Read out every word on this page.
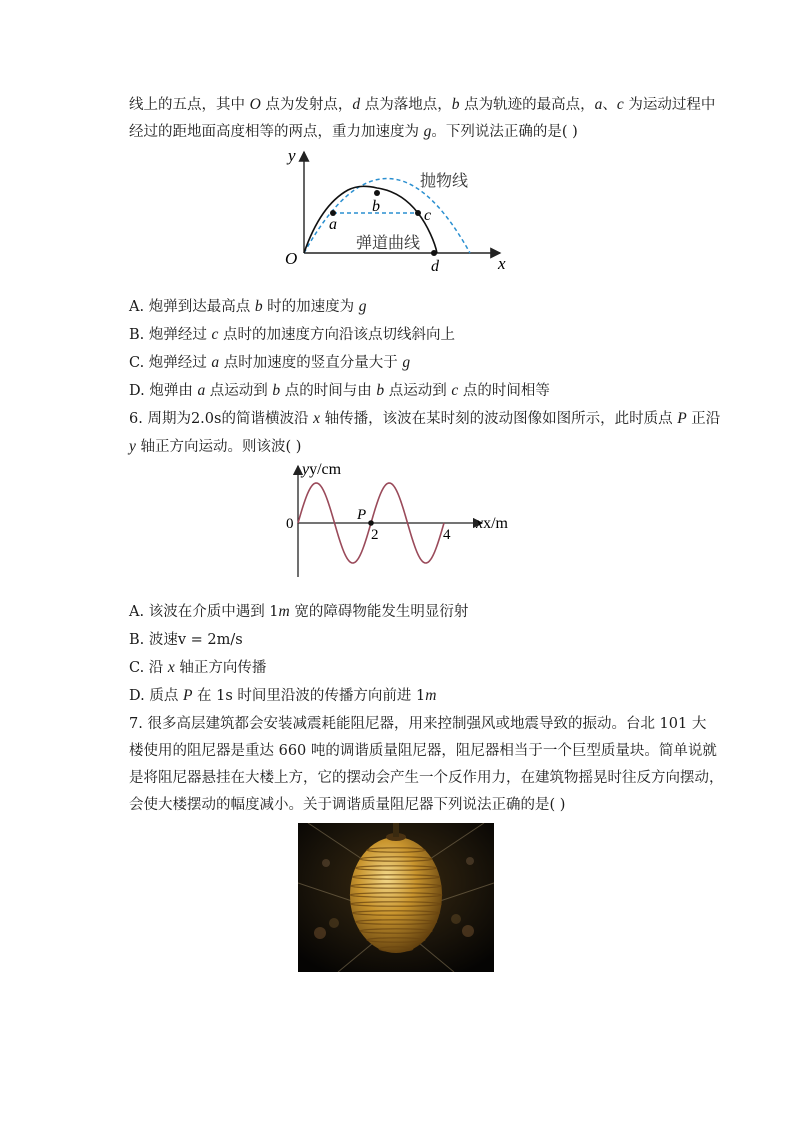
线上的五点，其中 O 点为发射点，d 点为落地点，b 点为轨迹的最高点，a、c 为运动过程中
经过的距地面高度相等的两点，重力加速度为 g。下列说法正确的是( )
y
x
O
a
b
c
d
抛物线
弹道曲线
A. 炮弹到达最高点 b 时的加速度为 g
B. 炮弹经过 c 点时的加速度方向沿该点切线斜向上
C. 炮弹经过 a 点时加速度的竖直分量大于 g
D. 炮弹由 a 点运动到 b 点的时间与由 b 点运动到 c 点的时间相等
6. 周期为2.0s的简谐横波沿 x 轴传播，该波在某时刻的波动图像如图所示，此时质点 P 正沿
y 轴正方向运动。则该波( )
yy/cm
xx/m
0
P
2	4
A. 该波在介质中遇到 1m 宽的障碍物能发生明显衍射
B. 波速v = 2m/s
C. 沿 x 轴正方向传播
D. 质点 P 在 1s 时间里沿波的传播方向前进 1m
7. 很多高层建筑都会安装减震耗能阻尼器，用来控制强风或地震导致的振动。台北 101 大
楼使用的阻尼器是重达 660 吨的调谐质量阻尼器，阻尼器相当于一个巨型质量块。简单说就
是将阻尼器悬挂在大楼上方，它的摆动会产生一个反作用力，在建筑物摇晃时往反方向摆动，
会使大楼摆动的幅度减小。关于调谐质量阻尼器下列说法正确的是( )
